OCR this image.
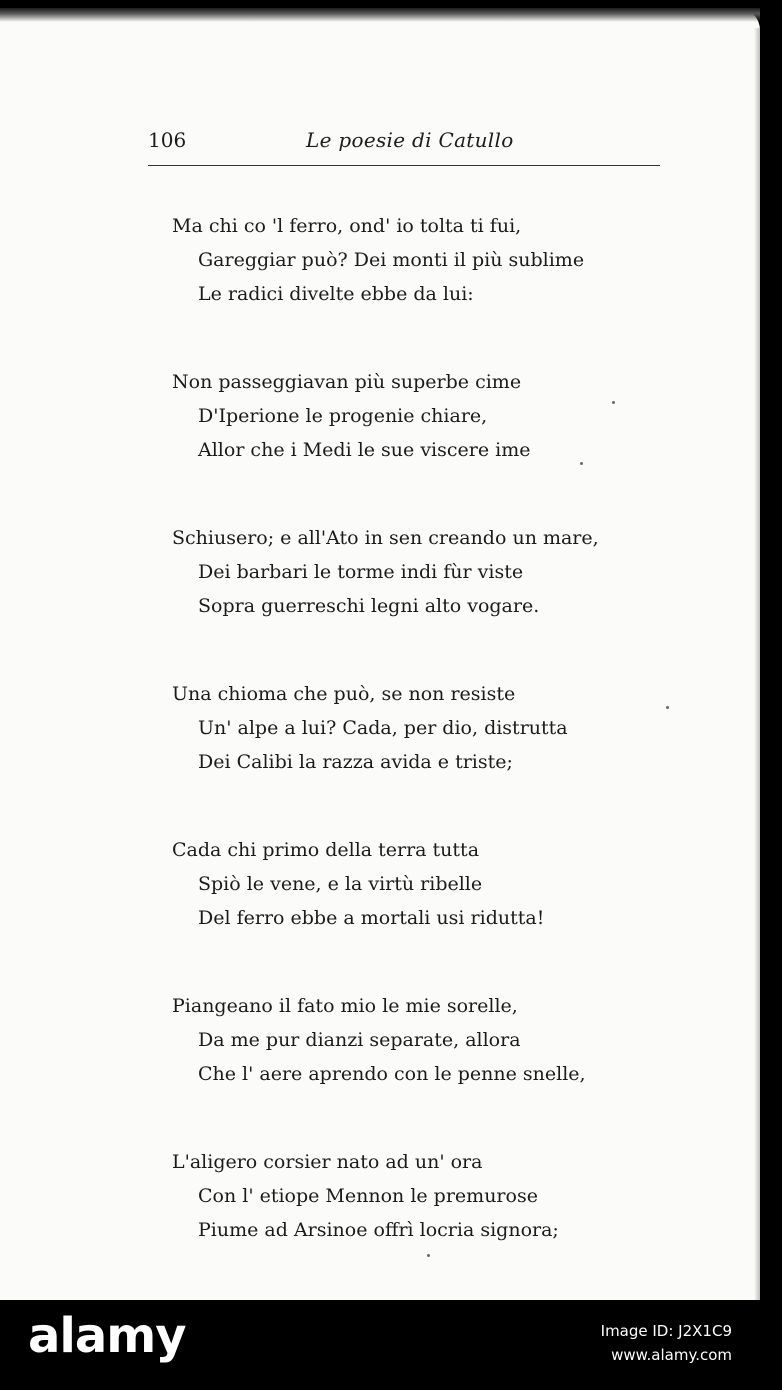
106	Le poesie di Catullo
Ma chi co 'l ferro, ond' io tolta ti fui,
Gareggiar può? Dei monti il più sublime
Le radici divelte ebbe da lui:
Non passeggiavan più superbe cime
D'Iperione le progenie chiare,
Allor che i Medi le sue viscere ime
Schiusero; e all'Ato in sen creando un mare,
Dei barbari le torme indi fùr viste
Sopra guerreschi legni alto vogare.
Una chioma che può, se non resiste
Un' alpe a lui? Cada, per dio, distrutta
Dei Calibi la razza avida e triste;
Cada chi primo della terra tutta
Spiò le vene, e la virtù ribelle
Del ferro ebbe a mortali usi ridutta!
Piangeano il fato mio le mie sorelle,
Da me pur dianzi separate, allora
Che l' aere aprendo con le penne snelle,
L'aligero corsier nato ad un' ora
Con l' etiope Mennon le premurose
Piume ad Arsinoe offrì locria signora;
alamy	Image ID: J2X1C9
www.alamy.com
